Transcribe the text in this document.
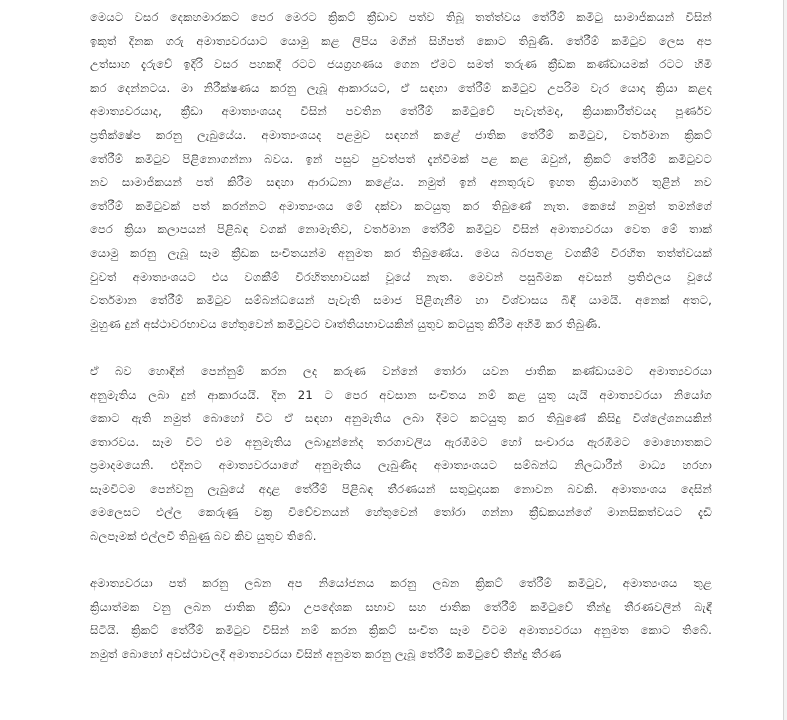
මෙයට වසර දෙකහමාරකට පෙර මෙරට ක්‍රිකට් ක්‍රීඩාව පත්ව තිබූ තත්ත්වය තේරීම් කමිටු සාමාජිකයන් විසින්
ඉකුත් දිනක ගරු අමාත්‍යවරයාට යොමු කළ ලිපිය මගින් සිහිපත් කොට තිබුණි. තේරීම් කමිටුව ලෙස අප
උත්සාහ දැරුවේ ඉදිරි වසර පහකදී රටට ජයග්‍රහණය ගෙන ඒමට සමත් තරුණ ක්‍රීඩක කණ්ඩායමක් රටට හිමි
කර දෙන්නටය. මා නිරීක්ෂණය කරනු ලැබූ ආකාරයට, ඒ සඳහා තේරීම් කමිටුව උපරිම වැර යොදා ක්‍රියා කළද
අමාත්‍යවරයාද, ක්‍රීඩා අමාත්‍යංශයද විසින් පවතින තේරීම් කමිටුවේ පැවැත්මද, ක්‍රියාකාරීත්වයද පූර්ණව
ප්‍රතික්ෂේප කරනු ලැබුයේය. අමාත්‍යංශයද පළමුව සඳහන් කළේ ජාතික තේරීම් කමිටුව, වර්තමාන ක්‍රිකට්
තේරීම් කමිටුව පිළිනොගන්නා බවය. ඉන් පසුව පුවත්පත් දැන්වීමක් පළ කළ ඔවුන්, ක්‍රිකට් තේරීම් කමිටුවට
නව සාමාජිකයන් පත් කිරීම සඳහා ආරාධනා කළේය. නමුත් ඉන් අනතුරුව ඉහත ක්‍රියාමාර්ග තුළින් නව
තේරීම් කමිටුවක් පත් කරන්නට අමාත්‍යංශය මේ දක්වා කටයුතු කර තිබුණේ නැත. කෙසේ නමුත් තමන්ගේ
පෙර ක්‍රියා කලාපයන් පිළිබඳ වගක් නොමැතිව, වර්තමාන තේරීම් කමිටුව විසින් අමාත්‍යවරයා වෙත මේ තාක්
යොමු කරනු ලැබූ සෑම ක්‍රීඩක සංචිතයන්ම අනුමත කර තිබුණේය. මෙය බරපතළ වගකීම් විරහිත තත්ත්වයක්
වුවත් අමාත්‍යංශයට එය වගකීම් විරහිතභාවයක් වූයේ නැත. මෙවන් පසුබිමක අවසන් ප්‍රතිඵලය වූයේ
වර්තමාන තේරීම් කමිටුව සම්බන්ධයෙන් පැවැති සමාජ පිළිගැනීම හා විශ්වාසය බිඳී යාමයි. අනෙක් අතට,
මුහුණ දුන් අස්ථාවරභාවය හේතුවෙන් කමිටුවට වෘත්තියභාවයකින් යුතුව කටයුතු කිරීම අහිමි කර තිබුණි.

ඒ බව හොඳින් පෙන්නුම් කරන ලද කරුණ වන්නේ තෝරා යවන ජාතික කණ්ඩායමට අමාත්‍යවරයා
අනුමැතිය ලබා දුන් ආකාරයයි. දින 21 ට පෙර අවසාන සංචිතය නම් කළ යුතු යැයි අමාත්‍යවරයා නියෝග
කොට ඇති නමුත් බොහෝ විට ඒ සඳහා අනුමැතිය ලබා දීමට කටයුතු කර තිබුණේ කිසිදු විශ්ලේශනයකින්
තොරවය. සෑම විට එම අනුමැතිය ලබාදුන්නේද තරගාවලිය ඇරඹීමට හෝ සංචාරය ඇරඹීමට මොහොතකට
ප්‍රමාදමයෙනි. එදිනට අමාත්‍යවරයාගේ අනුමැතිය ලැබුණිද අමාත්‍යංශයට සම්බන්ධ නිලධාරීන් මාධ්‍ය හරහා
සෑමවිටම පෙන්වනු ලැබුයේ අදාළ තේරීම් පිළිබඳ තීරණයන් සතුටුදායක නොවන බවකි. අමාත්‍යංශය දෙසින්
මෙලෙසට එල්ල කෙරුණු වක්‍ර විවේචනයන් හේතුවෙන් තෝරා ගන්නා ක්‍රීඩකයන්ගේ මානසිකත්වයට දැඩි
බලපෑමක් එල්ලවී තිබුණු බව කිව යුතුව තිබේ.

අමාත්‍යවරයා පත් කරනු ලබන අප නියෝජනය කරනු ලබන ක්‍රිකට් තේරීම් කමිටුව, අමාත්‍යංශය තුළ
ක්‍රියාත්මක වනු ලබන ජාතික ක්‍රීඩා උපදේශක සභාව සහ ජාතික තේරීම් කමිටුවේ තීන්දු තීරණවලින් බැඳී
සිටියි. ක්‍රිකට් තේරීම් කමිටුව විසින් නම් කරන ක්‍රිකට් සංචිත සෑම විටම අමාත්‍යවරයා අනුමත කොට තිබේ.
නමුත් බොහෝ අවස්ථාවලදී අමාත්‍යවරයා විසින් අනුමත කරනු ලැබූ තේරීම් කමිටුවේ තීන්දු තීරණ
